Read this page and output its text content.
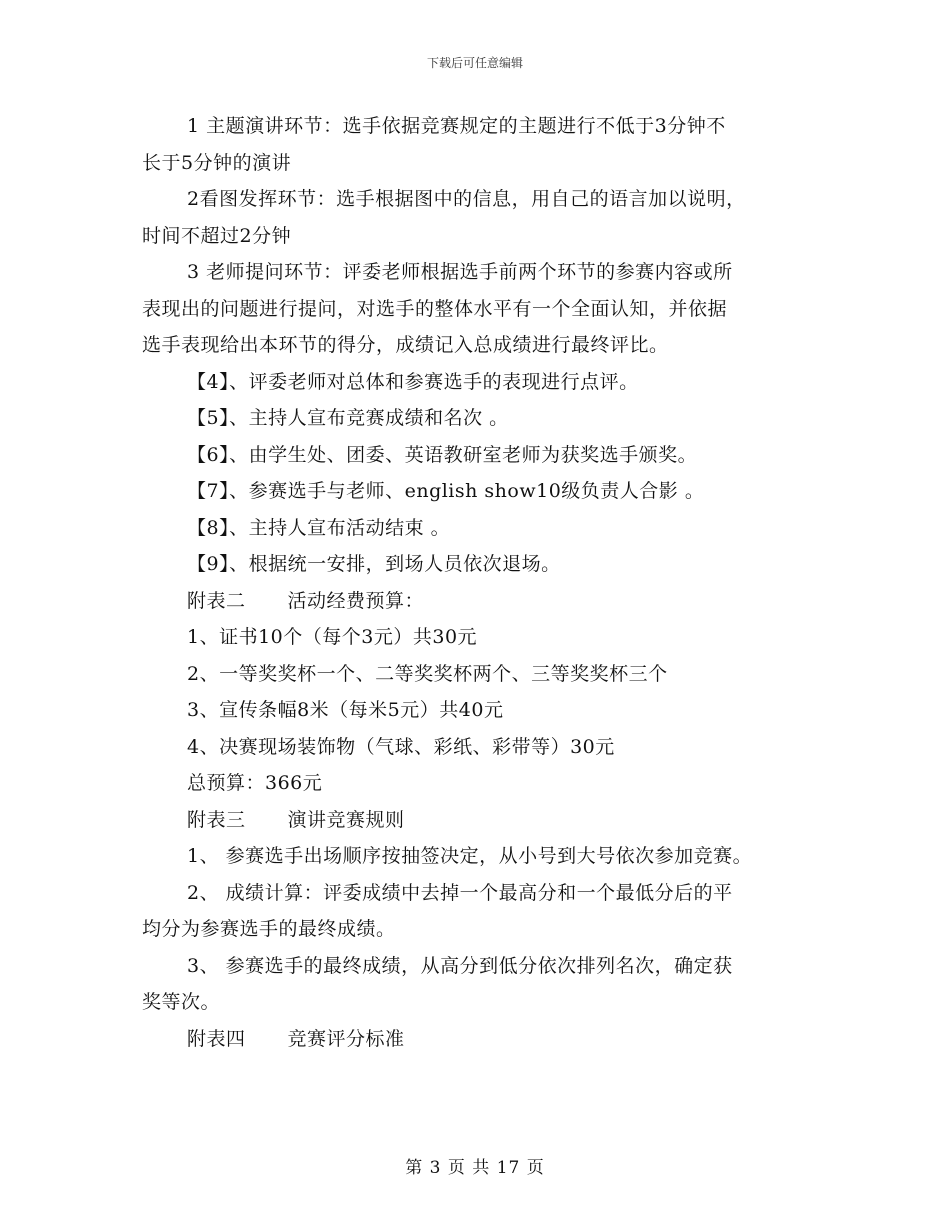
下载后可任意编辑
1 主题演讲环节：选手依据竞赛规定的主题进行不低于3分钟不
长于5分钟的演讲
2看图发挥环节：选手根据图中的信息，用自己的语言加以说明，
时间不超过2分钟
3 老师提问环节：评委老师根据选手前两个环节的参赛内容或所
表现出的问题进行提问，对选手的整体水平有一个全面认知，并依据
选手表现给出本环节的得分，成绩记入总成绩进行最终评比。
【4】、评委老师对总体和参赛选手的表现进行点评。
【5】、主持人宣布竞赛成绩和名次 。
【6】、由学生处、团委、英语教研室老师为获奖选手颁奖。
【7】、参赛选手与老师、english show10级负责人合影 。
【8】、主持人宣布活动结束 。
【9】、根据统一安排，到场人员依次退场。
附表二 活动经费预算：
1、证书10个（每个3元）共30元
2、一等奖奖杯一个、二等奖奖杯两个、三等奖奖杯三个
3、宣传条幅8米（每米5元）共40元
4、决赛现场装饰物（气球、彩纸、彩带等）30元
总预算：366元
附表三 演讲竞赛规则
1、 参赛选手出场顺序按抽签决定，从小号到大号依次参加竞赛。
2、 成绩计算：评委成绩中去掉一个最高分和一个最低分后的平
均分为参赛选手的最终成绩。
3、 参赛选手的最终成绩，从高分到低分依次排列名次，确定获
奖等次。
附表四 竞赛评分标准
第 3 页 共 17 页
